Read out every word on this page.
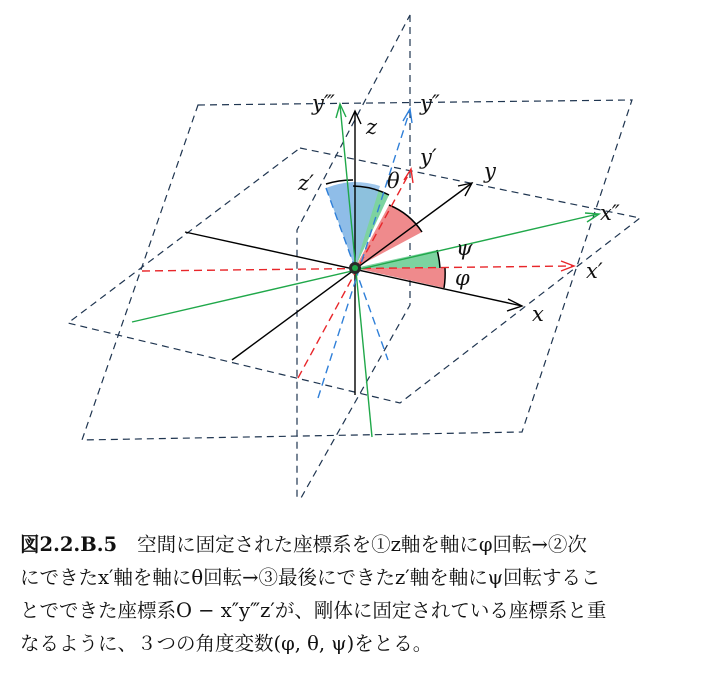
y‴	y″
z
y′
y
z′	θ
x″
ψ
x′
φ
x
図2.2.B.5 空間に固定された座標系を①z軸を軸にφ回転→②次
にできたx′軸を軸にθ回転→③最後にできたz′軸を軸にψ回転するこ
とでできた座標系O − x″y‴z′が、剛体に固定されている座標系と重
なるように、３つの角度変数(φ, θ, ψ)をとる。
